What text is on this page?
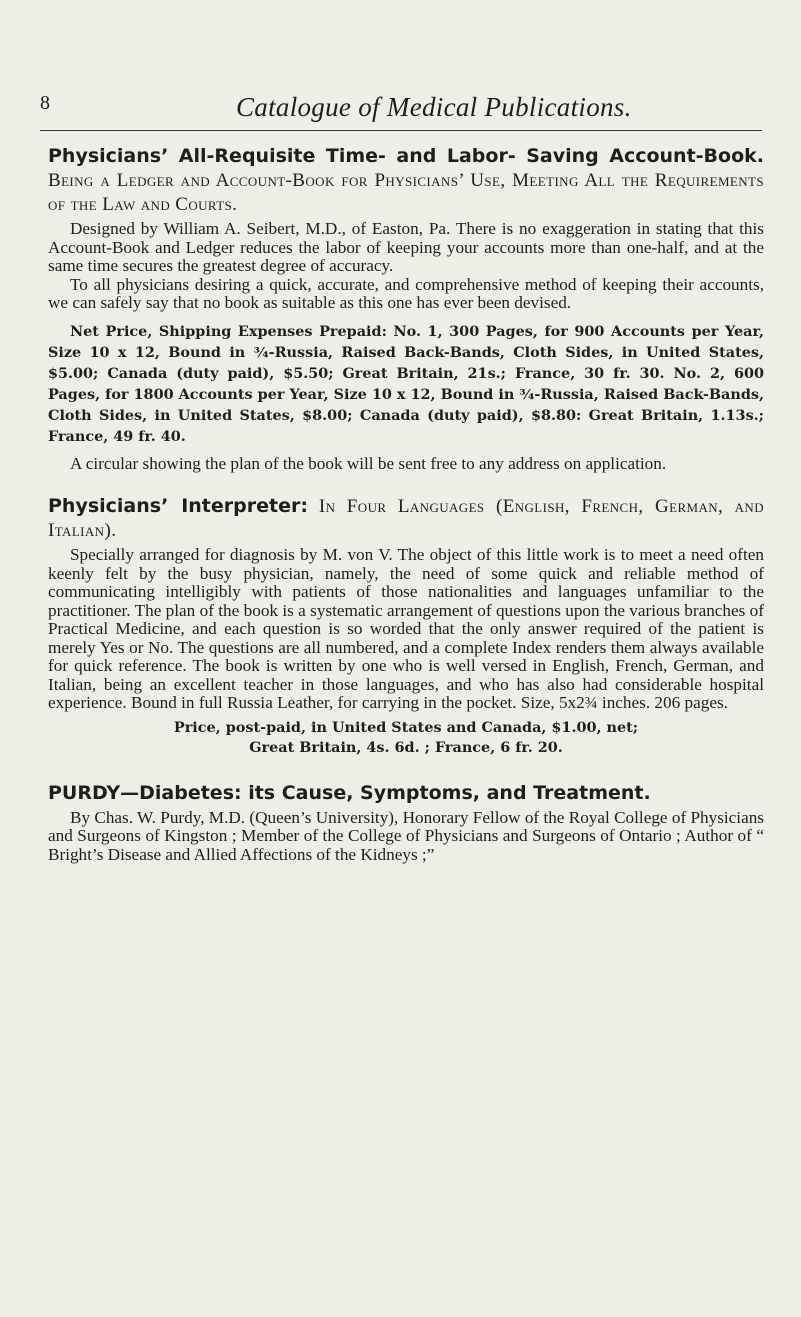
8	Catalogue of Medical Publications.
Physicians’ All-Requisite Time- and Labor- Saving Account-Book. Being a Ledger and Account-Book for Physicians’ Use, Meeting All the Requirements of the Law and Courts.

Designed by William A. Seibert, M.D., of Easton, Pa. There is no exaggeration in stating that this Account-Book and Ledger reduces the labor of keeping your accounts more than one-half, and at the same time secures the greatest degree of accuracy.

To all physicians desiring a quick, accurate, and comprehensive method of keeping their accounts, we can safely say that no book as suitable as this one has ever been devised.

Net Price, Shipping Expenses Prepaid: No. 1, 300 Pages, for 900 Accounts per Year, Size 10 x 12, Bound in ¾-Russia, Raised Back-Bands, Cloth Sides, in United States, $5.00; Canada (duty paid), $5.50; Great Britain, 21s.; France, 30 fr. 30. No. 2, 600 Pages, for 1800 Accounts per Year, Size 10 x 12, Bound in ¾-Russia, Raised Back-Bands, Cloth Sides, in United States, $8.00; Canada (duty paid), $8.80: Great Britain, 1.13s.; France, 49 fr. 40.

A circular showing the plan of the book will be sent free to any address on application.

Physicians’ Interpreter: In Four Languages (English, French, German, and Italian).

Specially arranged for diagnosis by M. von V. The object of this little work is to meet a need often keenly felt by the busy physician, namely, the need of some quick and reliable method of communicating intelligibly with patients of those nationalities and languages unfamiliar to the practitioner. The plan of the book is a systematic arrangement of questions upon the various branches of Practical Medicine, and each question is so worded that the only answer required of the patient is merely Yes or No. The questions are all numbered, and a complete Index renders them always available for quick reference. The book is written by one who is well versed in English, French, German, and Italian, being an excellent teacher in those languages, and who has also had considerable hospital experience. Bound in full Russia Leather, for carrying in the pocket. Size, 5x2¾ inches. 206 pages.

Price, post-paid, in United States and Canada, $1.00, net;

Great Britain, 4s. 6d. ; France, 6 fr. 20.

PURDY—Diabetes: its Cause, Symptoms, and Treatment.

By Chas. W. Purdy, M.D. (Queen’s University), Honorary Fellow of the Royal College of Physicians and Surgeons of Kingston ; Member of the College of Physicians and Surgeons of Ontario ; Author of “ Bright’s Disease and Allied Affections of the Kidneys ;”
